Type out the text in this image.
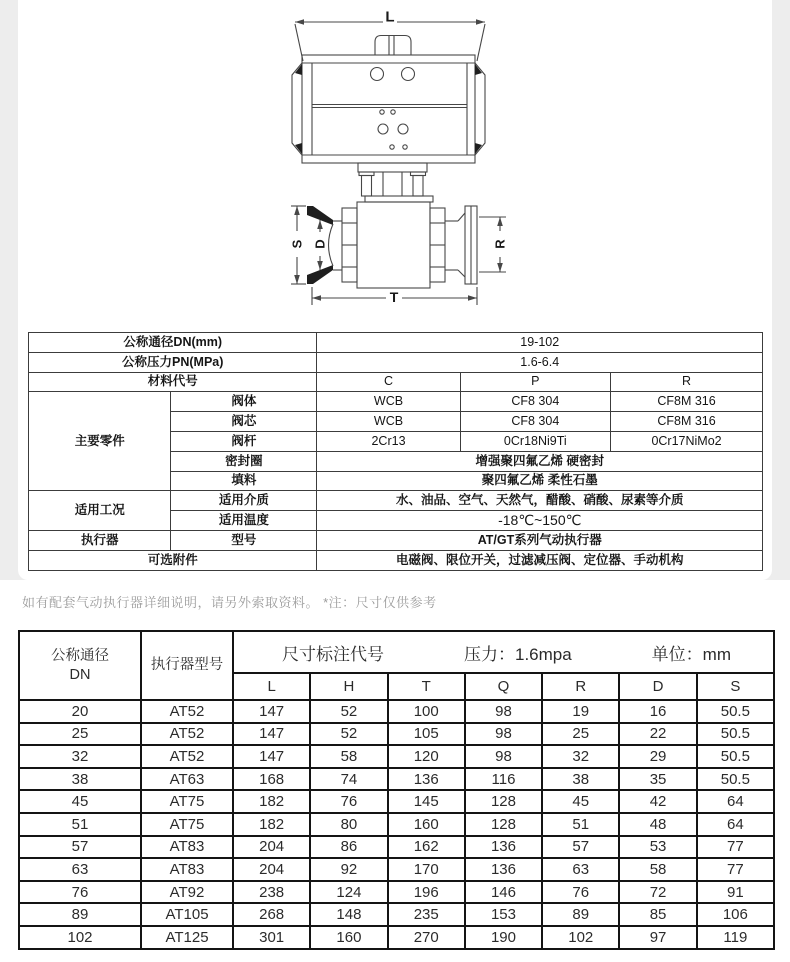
L
S D	R
T
公称通径DN(mm)		19-102		
公称压力PN(MPa)		1.6-6.4		
材料代号		C	P	R
主要零件	阀体	WCB	CF8 304	CF8M 316
	阀芯	WCB	CF8 304	CF8M 316
	阀杆	2Cr13	0Cr18Ni9Ti	0Cr17NiMo2
	密封圈	增强聚四氟乙烯 硬密封		
	填料	聚四氟乙烯 柔性石墨		
适用工况	适用介质	水、油品、空气、天然气，醋酸、硝酸、尿素等介质		
	适用温度	-18℃~150℃		
执行器	型号	AT/GT系列气动执行器		
可选附件		电磁阀、限位开关，过滤减压阀、定位器、手动机构		
如有配套气动执行器详细说明，请另外索取资料。 *注：尺寸仅供参考
公称通径
DN	执行器型号	尺寸标注代号 压力：1.6mpa 单位：mm						

		L	H	T	Q	R	D	S
20	AT52	147	52	100	98	19	16	50.5
25	AT52	147	52	105	98	25	22	50.5
32	AT52	147	58	120	98	32	29	50.5
38	AT63	168	74	136	116	38	35	50.5
45	AT75	182	76	145	128	45	42	64
51	AT75	182	80	160	128	51	48	64
57	AT83	204	86	162	136	57	53	77
63	AT83	204	92	170	136	63	58	77
76	AT92	238	124	196	146	76	72	91
89	AT105	268	148	235	153	89	85	106
102	AT125	301	160	270	190	102	97	119
